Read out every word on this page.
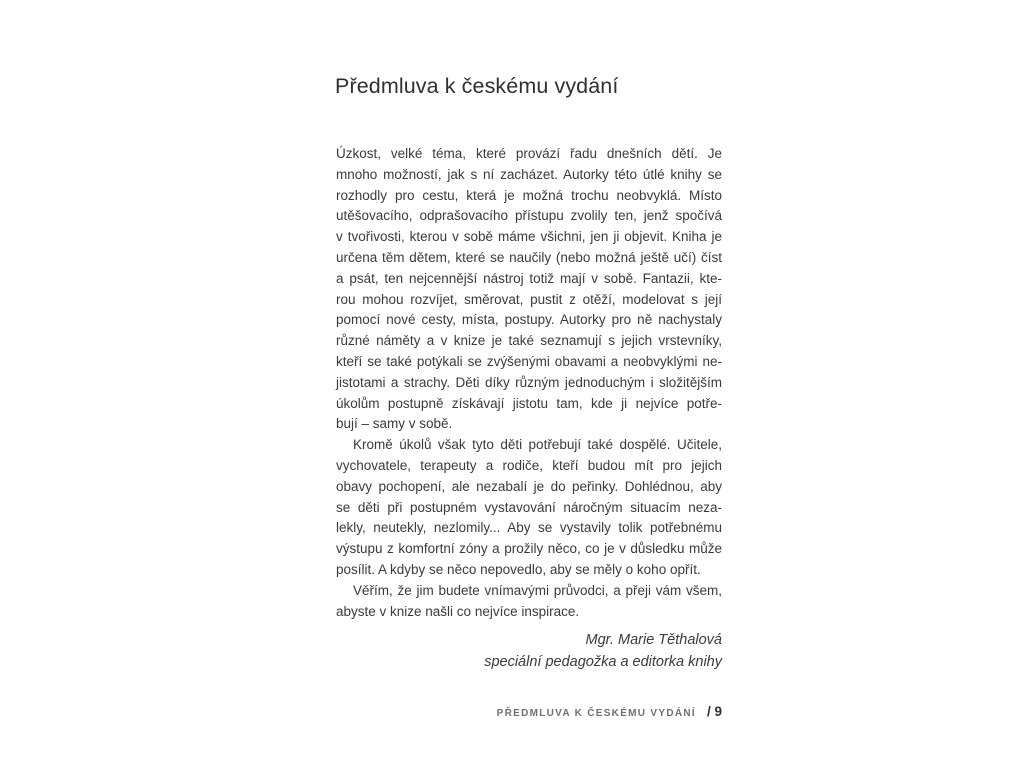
Předmluva k českému vydání
Úzkost, velké téma, které provází řadu dnešních dětí. Je
mnoho možností, jak s ní zacházet. Autorky této útlé knihy se
rozhodly pro cestu, která je možná trochu neobvyklá. Místo
utěšovacího, odprašovacího přístupu zvolily ten, jenž spočívá
v tvořivosti, kterou v sobě máme všichni, jen ji objevit. Kniha je
určena těm dětem, které se naučily (nebo možná ještě učí) číst
a psát, ten nejcennější nástroj totiž mají v sobě. Fantazii, kte-
rou mohou rozvíjet, směrovat, pustit z otěží, modelovat s její
pomocí nové cesty, místa, postupy. Autorky pro ně nachystaly
různé náměty a v knize je také seznamují s jejich vrstevníky,
kteří se také potýkali se zvýšenými obavami a neobvyklými ne-
jistotami a strachy. Děti díky různým jednoduchým i složitějším
úkolům postupně získávají jistotu tam, kde ji nejvíce potře-
bují – samy v sobě.
Kromě úkolů však tyto děti potřebují také dospělé. Učitele,
vychovatele, terapeuty a rodiče, kteří budou mít pro jejich
obavy pochopení, ale nezabalí je do peřinky. Dohlédnou, aby
se děti při postupném vystavování náročným situacím neza-
lekly, neutekly, nezlomily... Aby se vystavily tolik potřebnému
výstupu z komfortní zóny a prožily něco, co je v důsledku může
posílit. A kdyby se něco nepovedlo, aby se měly o koho opřít.
Věřím, že jim budete vnímavými průvodci, a přeji vám všem,
abyste v knize našli co nejvíce inspirace.
Mgr. Marie Těthalová
speciální pedagožka a editorka knihy
PŘEDMLUVA K ČESKÉMU VYDÁNÍ / 9
